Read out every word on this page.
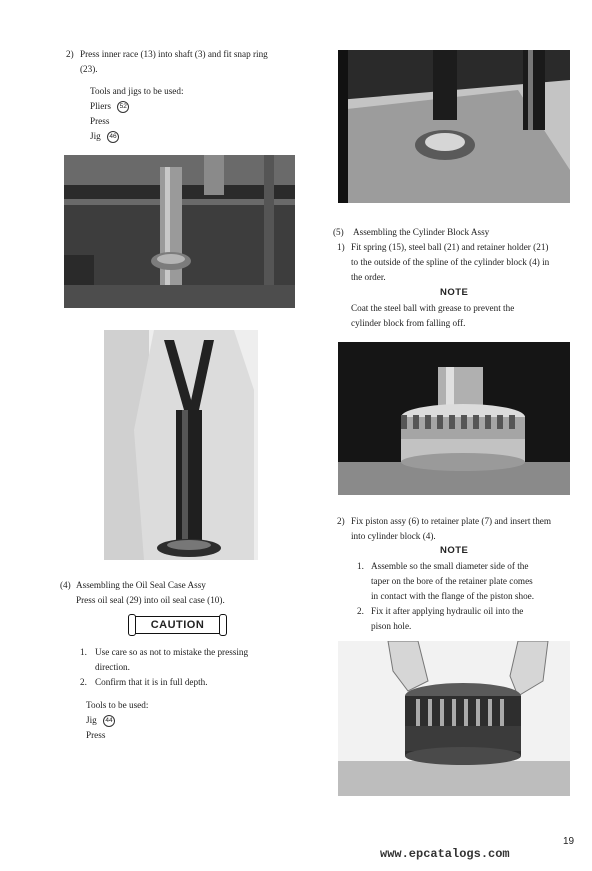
2) Press inner race (13) into shaft (3) and fit snap ring
(23).
Tools and jigs to be used:
Pliers 52
Press
Jig 46
(4) Assembling the Oil Seal Case Assy
Press oil seal (29) into oil seal case (10).
CAUTION
1. Use care so as not to mistake the pressing
direction.
2. Confirm that it is in full depth.
Tools to be used:
Jig 44
Press
(5) Assembling the Cylinder Block Assy
1) Fit spring (15), steel ball (21) and retainer holder (21)
to the outside of the spline of the cylinder block (4) in
the order.
NOTE
Coat the steel ball with grease to prevent the
cylinder block from falling off.
2) Fix piston assy (6) to retainer plate (7) and insert them
into cylinder block (4).
NOTE
1. Assemble so the small diameter side of the
taper on the bore of the retainer plate comes
in contact with the flange of the piston shoe.
2. Fix it after applying hydraulic oil into the
pison hole.
19
www.epcatalogs.com
